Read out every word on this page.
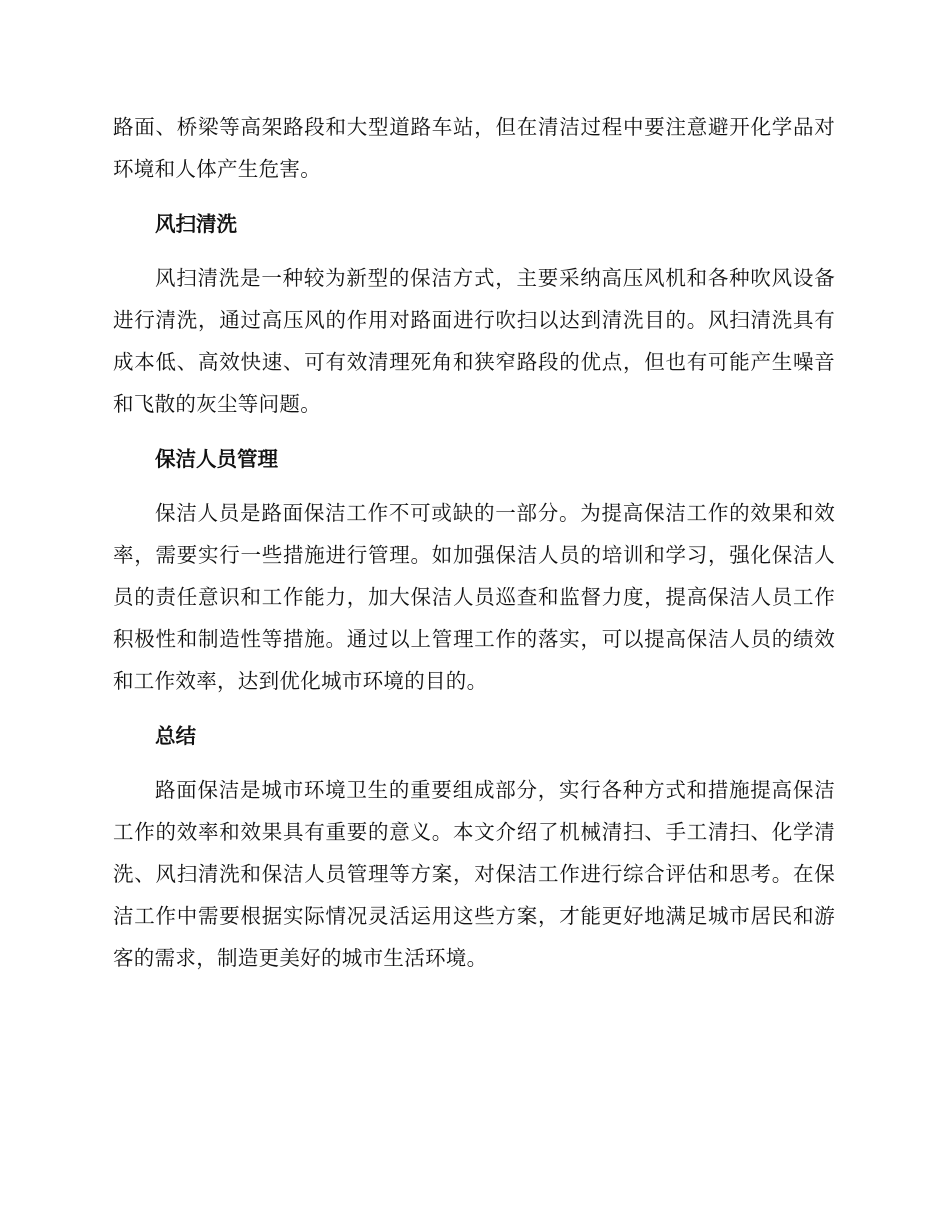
路面、桥梁等高架路段和大型道路车站，但在清洁过程中要注意避开化学品对环境和人体产生危害。

风扫清洗

风扫清洗是一种较为新型的保洁方式，主要采纳高压风机和各种吹风设备进行清洗，通过高压风的作用对路面进行吹扫以达到清洗目的。风扫清洗具有成本低、高效快速、可有效清理死角和狭窄路段的优点，但也有可能产生噪音和飞散的灰尘等问题。

保洁人员管理

保洁人员是路面保洁工作不可或缺的一部分。为提高保洁工作的效果和效率，需要实行一些措施进行管理。如加强保洁人员的培训和学习，强化保洁人员的责任意识和工作能力，加大保洁人员巡查和监督力度，提高保洁人员工作积极性和制造性等措施。通过以上管理工作的落实，可以提高保洁人员的绩效和工作效率，达到优化城市环境的目的。

总结

路面保洁是城市环境卫生的重要组成部分，实行各种方式和措施提高保洁工作的效率和效果具有重要的意义。本文介绍了机械清扫、手工清扫、化学清洗、风扫清洗和保洁人员管理等方案，对保洁工作进行综合评估和思考。在保洁工作中需要根据实际情况灵活运用这些方案，才能更好地满足城市居民和游客的需求，制造更美好的城市生活环境。
